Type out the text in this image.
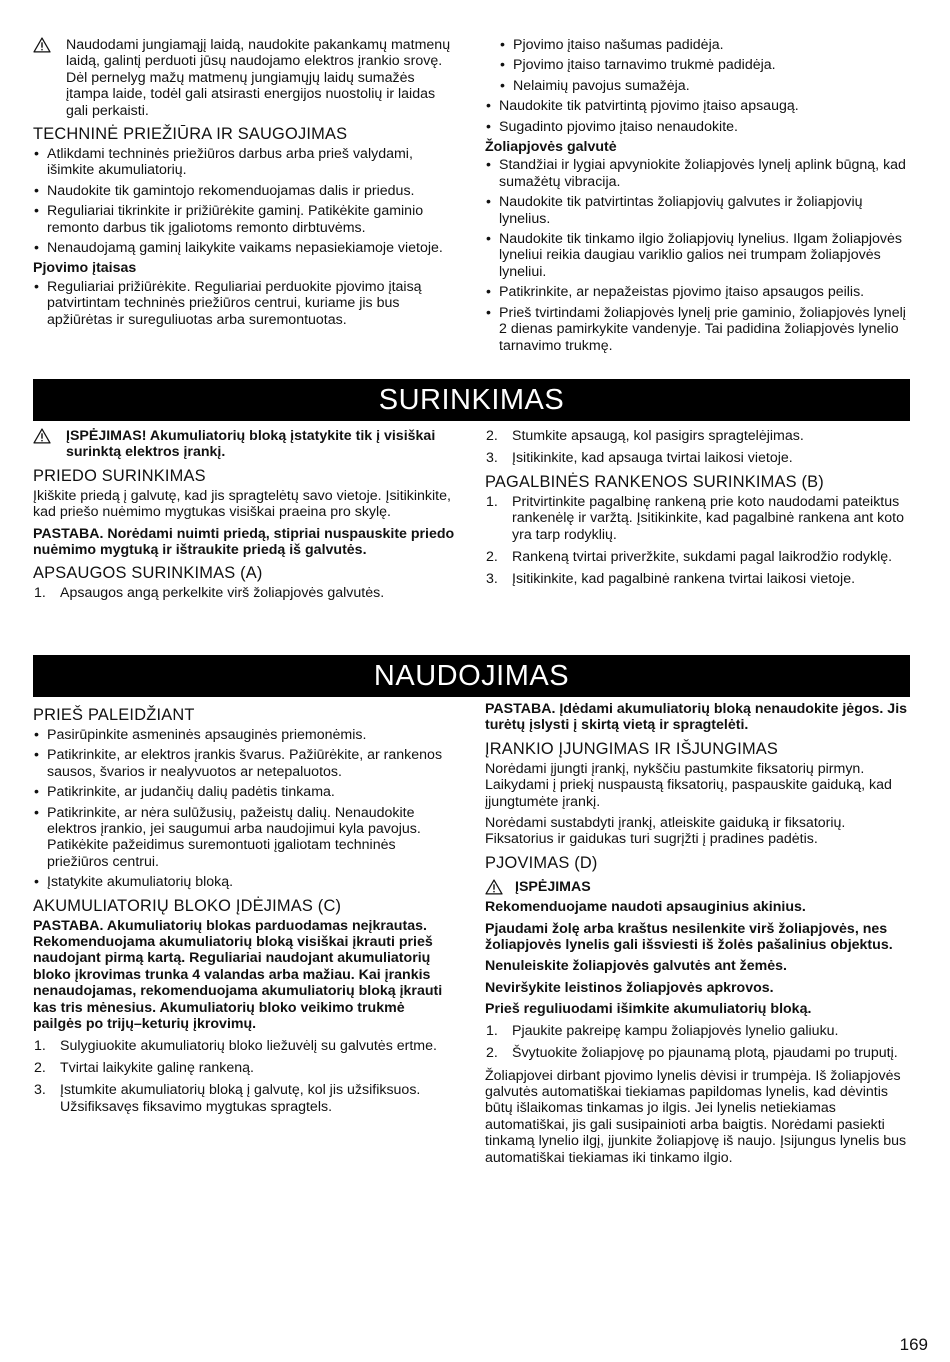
Naudodami jungiamąjį laidą, naudokite pakankamų matmenų laidą, galintį perduoti jūsų naudojamo elektros įrankio srovę. Dėl pernelyg mažų matmenų jungiamųjų laidų sumažės įtampa laide, todėl gali atsirasti energijos nuostolių ir laidas gali perkaisti.
TECHNINĖ PRIEŽIŪRA IR SAUGOJIMAS
• Atlikdami techninės priežiūros darbus arba prieš valydami, išimkite akumuliatorių.
• Naudokite tik gamintojo rekomenduojamas dalis ir priedus.
• Reguliariai tikrinkite ir prižiūrėkite gaminį. Patikėkite gaminio remonto darbus tik įgaliotoms remonto dirbtuvėms.
• Nenaudojamą gaminį laikykite vaikams nepasiekiamoje vietoje.
Pjovimo įtaisas
• Reguliariai prižiūrėkite. Reguliariai perduokite pjovimo įtaisą patvirtintam techninės priežiūros centrui, kuriame jis bus apžiūrėtas ir sureguliuotas arba suremontuotas.
• Pjovimo įtaiso našumas padidėja.
• Pjovimo įtaiso tarnavimo trukmė padidėja.
• Nelaimių pavojus sumažėja.
• Naudokite tik patvirtintą pjovimo įtaiso apsaugą.
• Sugadinto pjovimo įtaiso nenaudokite.
Žoliapjovės galvutė
• Standžiai ir lygiai apvyniokite žoliapjovės lynelį aplink būgną, kad sumažėtų vibracija.
• Naudokite tik patvirtintas žoliapjovių galvutes ir žoliapjovių lynelius.
• Naudokite tik tinkamo ilgio žoliapjovių lynelius. Ilgam žoliapjovės lyneliui reikia daugiau variklio galios nei trumpam žoliapjovės lyneliui.
• Patikrinkite, ar nepažeistas pjovimo įtaiso apsaugos peilis.
• Prieš tvirtindami žoliapjovės lynelį prie gaminio, žoliapjovės lynelį 2 dienas pamirkykite vandenyje. Tai padidina žoliapjovės lynelio tarnavimo trukmę.
SURINKIMAS
ĮSPĖJIMAS! Akumuliatorių bloką įstatykite tik į visiškai surinktą elektros įrankį.
PRIEDO SURINKIMAS

Įkiškite priedą į galvutę, kad jis spragtelėtų savo vietoje. Įsitikinkite, kad priešo nuėmimo mygtukas visiškai praeina pro skylę.

PASTABA. Norėdami nuimti priedą, stipriai nuspauskite priedo nuėmimo mygtuką ir ištraukite priedą iš galvutės.

APSAUGOS SURINKIMAS (A)
1. Apsaugos angą perkelkite virš žoliapjovės galvutės.
2. Stumkite apsaugą, kol pasigirs spragtelėjimas.
3. Įsitikinkite, kad apsauga tvirtai laikosi vietoje.
PAGALBINĖS RANKENOS SURINKIMAS (B)
1. Pritvirtinkite pagalbinę rankeną prie koto naudodami pateiktus rankenėlę ir varžtą. Įsitikinkite, kad pagalbinė rankena ant koto yra tarp rodyklių.
2. Rankeną tvirtai priveržkite, sukdami pagal laikrodžio rodyklę.
3. Įsitikinkite, kad pagalbinė rankena tvirtai laikosi vietoje.
NAUDOJIMAS
PRIEŠ PALEIDŽIANT
• Pasirūpinkite asmeninės apsauginės priemonėmis.
• Patikrinkite, ar elektros įrankis švarus. Pažiūrėkite, ar rankenos sausos, švarios ir nealyvuotos ar netepaluotos.
• Patikrinkite, ar judančių dalių padėtis tinkama.
• Patikrinkite, ar nėra sulūžusių, pažeistų dalių. Nenaudokite elektros įrankio, jei saugumui arba naudojimui kyla pavojus. Patikėkite pažeidimus suremontuoti įgaliotam techninės priežiūros centrui.
• Įstatykite akumuliatorių bloką.
AKUMULIATORIŲ BLOKO ĮDĖJIMAS (C)

PASTABA. Akumuliatorių blokas parduodamas neįkrautas. Rekomenduojama akumuliatorių bloką visiškai įkrauti prieš naudojant pirmą kartą. Reguliariai naudojant akumuliatorių bloko įkrovimas trunka 4 valandas arba mažiau. Kai įrankis nenaudojamas, rekomenduojama akumuliatorių bloką įkrauti kas tris mėnesius. Akumuliatorių bloko veikimo trukmė pailgės po trijų–keturių įkrovimų.

1. Sulygiuokite akumuliatorių bloko liežuvėlį su galvutės ertme.
2. Tvirtai laikykite galinę rankeną.
3. Įstumkite akumuliatorių bloką į galvutę, kol jis užsifiksuos. Užsifiksavęs fiksavimo mygtukas spragtels.

PASTABA. Įdėdami akumuliatorių bloką nenaudokite jėgos. Jis turėtų įslysti į skirtą vietą ir spragtelėti.

ĮRANKIO ĮJUNGIMAS IR IŠJUNGIMAS

Norėdami įjungti įrankį, nykščiu pastumkite fiksatorių pirmyn. Laikydami į priekį nuspaustą fiksatorių, paspauskite gaiduką, kad įjungtumėte įrankį.

Norėdami sustabdyti įrankį, atleiskite gaiduką ir fiksatorių. Fiksatorius ir gaidukas turi sugrįžti į pradines padėtis.

PJOVIMAS (D)
ĮSPĖJIMAS

Rekomenduojame naudoti apsauginius akinius.

Pjaudami žolę arba kraštus nesilenkite virš žoliapjovės, nes žoliapjovės lynelis gali išsviesti iš žolės pašalinius objektus.

Nenuleiskite žoliapjovės galvutės ant žemės.

Neviršykite leistinos žoliapjovės apkrovos.

Prieš reguliuodami išimkite akumuliatorių bloką.

1. Pjaukite pakreipę kampu žoliapjovės lynelio galiuku.
2. Švytuokite žoliapjovę po pjaunamą plotą, pjaudami po truputį.

Žoliapjovei dirbant pjovimo lynelis dėvisi ir trumpėja. Iš žoliapjovės galvutės automatiškai tiekiamas papildomas lynelis, kad dėvintis būtų išlaikomas tinkamas jo ilgis. Jei lynelis netiekiamas automatiškai, jis gali susipainioti arba baigtis. Norėdami pasiekti tinkamą lynelio ilgį, įjunkite žoliapjovę iš naujo. Įsijungus lynelis bus automatiškai tiekiamas iki tinkamo ilgio.

169
